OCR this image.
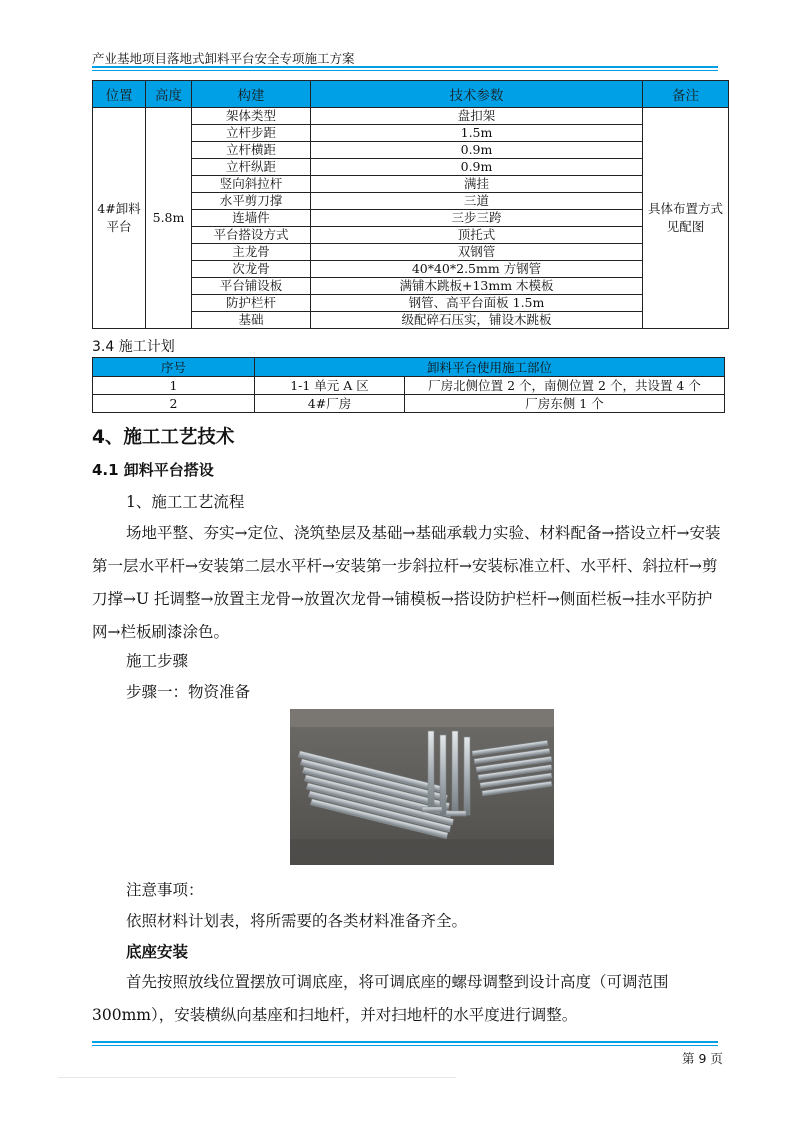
产业基地项目落地式卸料平台安全专项施工方案
位置	高度	构建	技术参数	备注
4#卸料平台	5.8m	架体类型	盘扣架	具体布置方式见配图
		立杆步距	1.5m	
		立杆横距	0.9m	
		立杆纵距	0.9m	
		竖向斜拉杆	满挂	
		水平剪刀撑	三道	
		连墙件	三步三跨	
		平台搭设方式	顶托式	
		主龙骨	双钢管	
		次龙骨	40*40*2.5mm 方钢管	
		平台铺设板	满铺木跳板+13mm 木模板	
		防护栏杆	钢管、高平台面板 1.5m	
		基础	级配碎石压实，铺设木跳板	
3.4 施工计划
序号	卸料平台使用施工部位	
1	1-1 单元 A 区	厂房北侧位置 2 个，南侧位置 2 个，共设置 4 个
2	4#厂房	厂房东侧 1 个
4、施工工艺技术
4.1 卸料平台搭设
1、施工工艺流程
场地平整、夯实→定位、浇筑垫层及基础→基础承载力实验、材料配备→搭设立杆→安装第一层水平杆→安装第二层水平杆→安装第一步斜拉杆→安装标准立杆、水平杆、斜拉杆→剪刀撑→U 托调整→放置主龙骨→放置次龙骨→铺模板→搭设防护栏杆→侧面栏板→挂水平防护网→栏板刷漆涂色。
施工步骤
步骤一：物资准备
注意事项：
依照材料计划表，将所需要的各类材料准备齐全。
底座安装
首先按照放线位置摆放可调底座，将可调底座的螺母调整到设计高度（可调范围 300mm），安装横纵向基座和扫地杆，并对扫地杆的水平度进行调整。
第 9 页
